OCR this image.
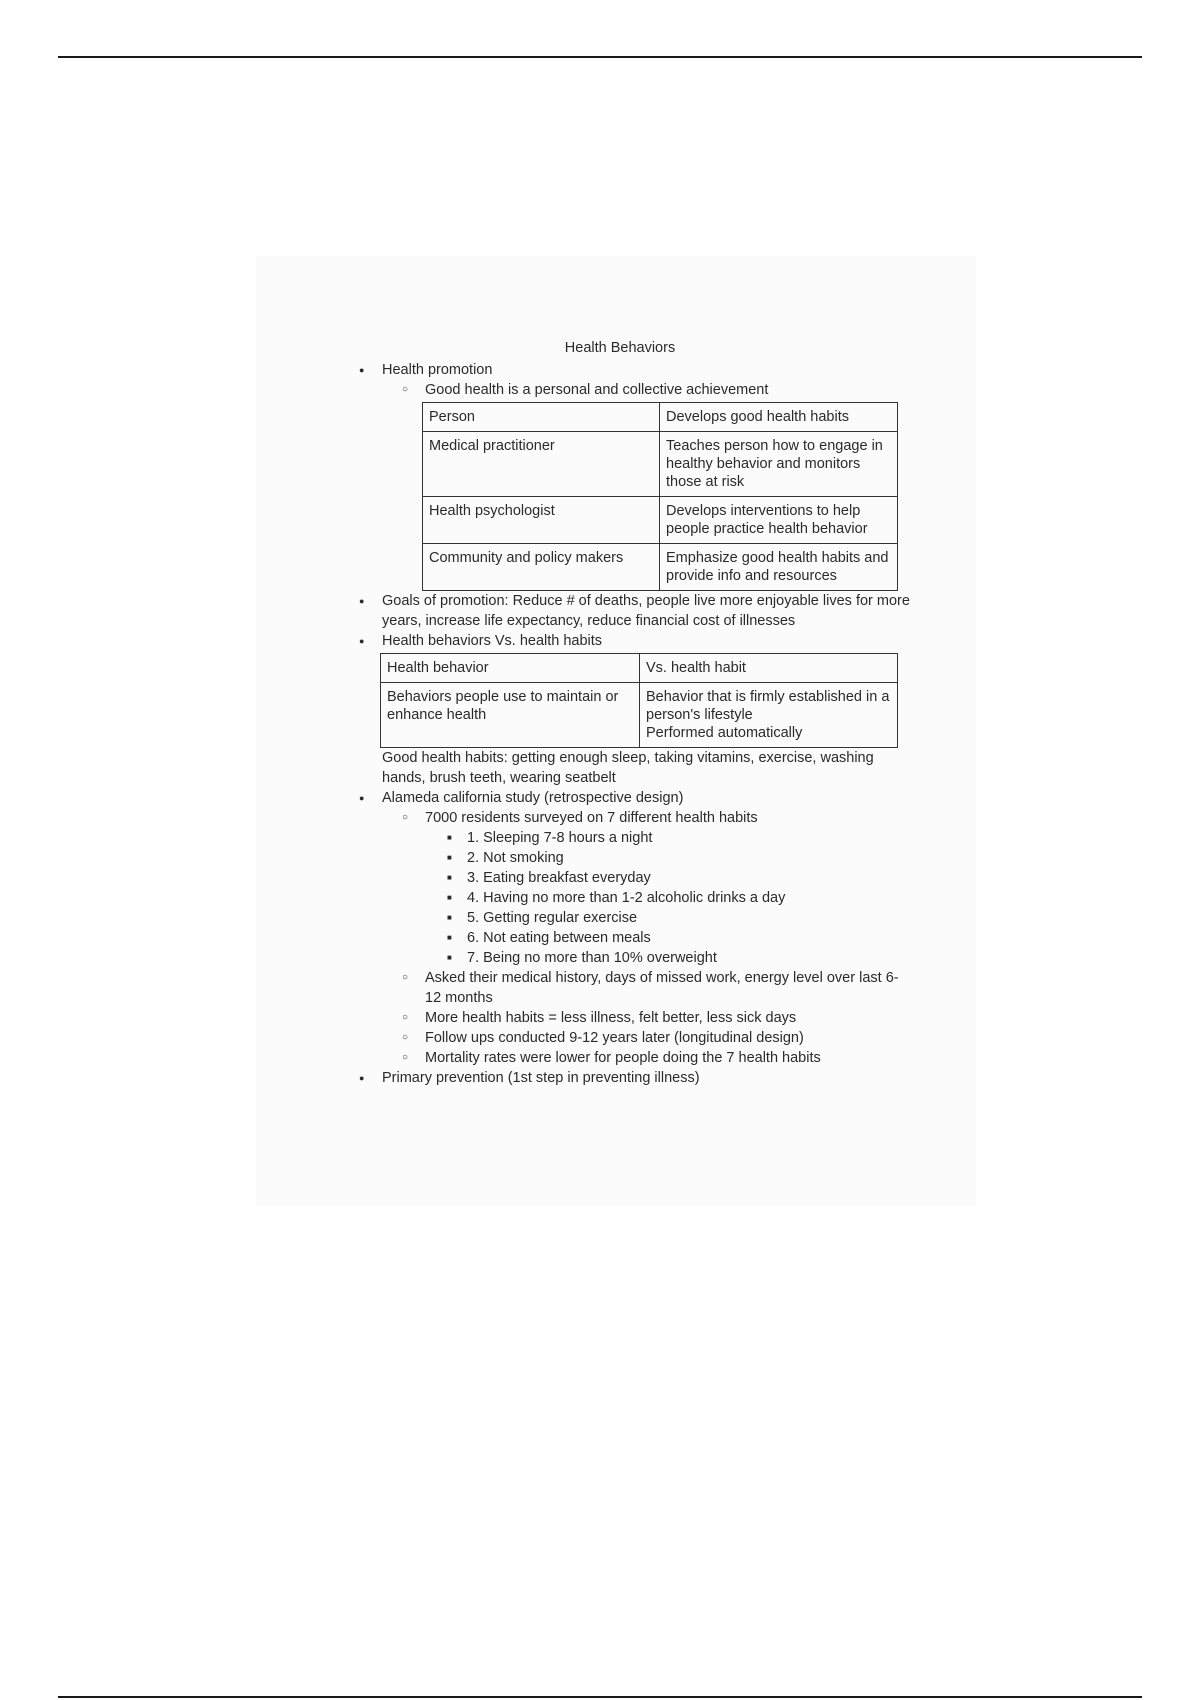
Health Behaviors
● Health promotion
○ Good health is a personal and collective achievement
Person	Develops good health habits
Medical practitioner	Teaches person how to engage in healthy behavior and monitors those at risk
Health psychologist	Develops interventions to help people practice health behavior
Community and policy makers	Emphasize good health habits and provide info and resources
● Goals of promotion: Reduce # of deaths, people live more enjoyable lives for more years, increase life expectancy, reduce financial cost of illnesses
● Health behaviors Vs. health habits
Health behavior	Vs. health habit
Behaviors people use to maintain or enhance health	Behavior that is firmly established in a person's lifestyle
Performed automatically
Good health habits: getting enough sleep, taking vitamins, exercise, washing hands, brush teeth, wearing seatbelt
● Alameda california study (retrospective design)
○ 7000 residents surveyed on 7 different health habits
■ 1. Sleeping 7-8 hours a night
■ 2. Not smoking
■ 3. Eating breakfast everyday
■ 4. Having no more than 1-2 alcoholic drinks a day
■ 5. Getting regular exercise
■ 6. Not eating between meals
■ 7. Being no more than 10% overweight
○ Asked their medical history, days of missed work, energy level over last 6-12 months
○ More health habits = less illness, felt better, less sick days
○ Follow ups conducted 9-12 years later (longitudinal design)
○ Mortality rates were lower for people doing the 7 health habits
● Primary prevention (1st step in preventing illness)
